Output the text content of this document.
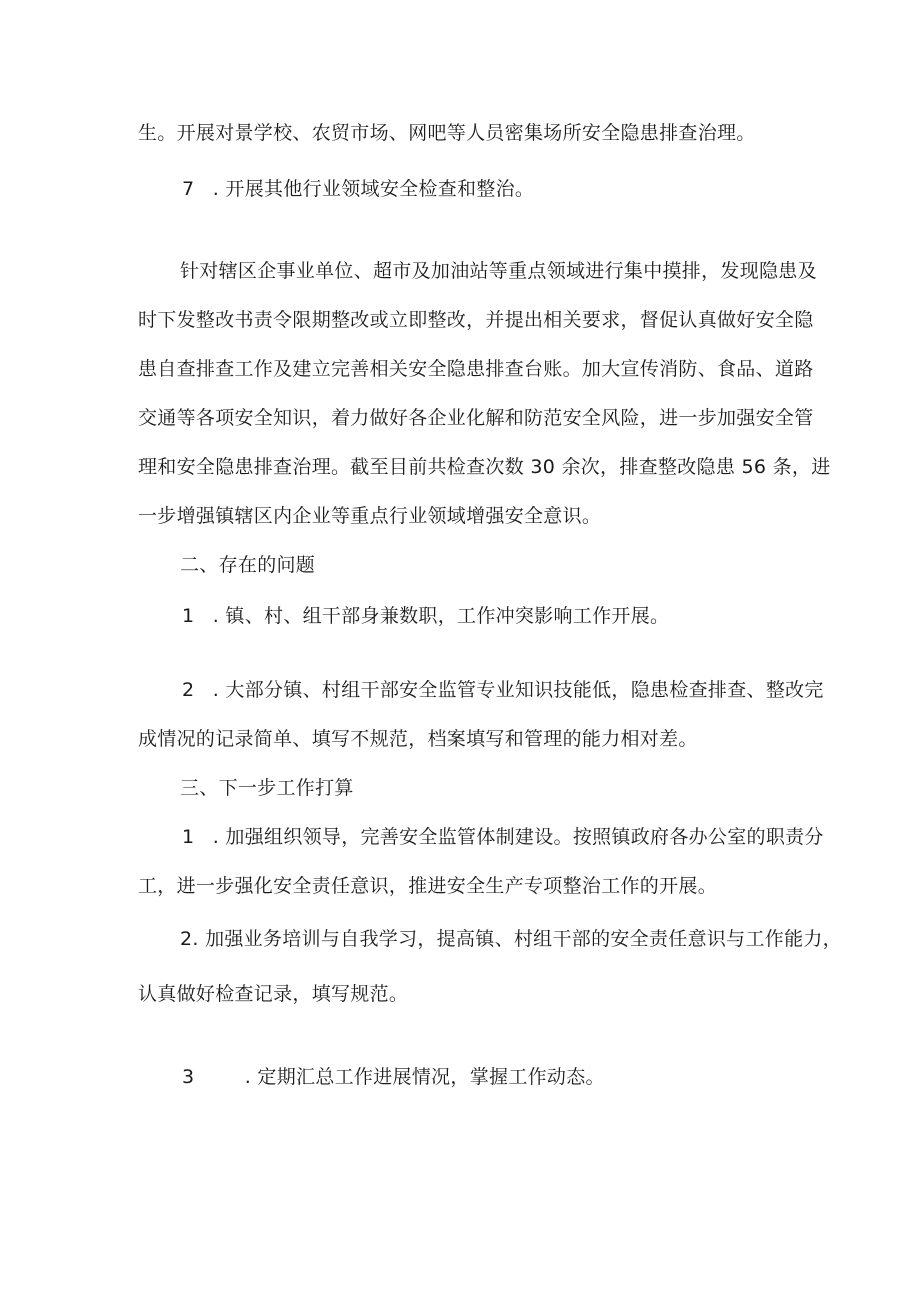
生。开展对景学校、农贸市场、网吧等人员密集场所安全隐患排查治理。
7 . 开展其他行业领域安全检查和整治。
针对辖区企事业单位、超市及加油站等重点领域进行集中摸排，发现隐患及
时下发整改书责令限期整改或立即整改，并提出相关要求，督促认真做好安全隐
患自查排查工作及建立完善相关安全隐患排查台账。加大宣传消防、食品、道路
交通等各项安全知识，着力做好各企业化解和防范安全风险，进一步加强安全管
理和安全隐患排查治理。截至目前共检查次数 30 余次，排查整改隐患 56 条，进
一步增强镇辖区内企业等重点行业领域增强安全意识。
二、存在的问题
1 . 镇、村、组干部身兼数职，工作冲突影响工作开展。
2 . 大部分镇、村组干部安全监管专业知识技能低，隐患检查排查、整改完
成情况的记录简单、填写不规范，档案填写和管理的能力相对差。
三、下一步工作打算
1 . 加强组织领导，完善安全监管体制建设。按照镇政府各办公室的职责分
工，进一步强化安全责任意识，推进安全生产专项整治工作的开展。
2. 加强业务培训与自我学习，提高镇、村组干部的安全责任意识与工作能力，
认真做好检查记录，填写规范。
3	. 定期汇总工作进展情况，掌握工作动态。
